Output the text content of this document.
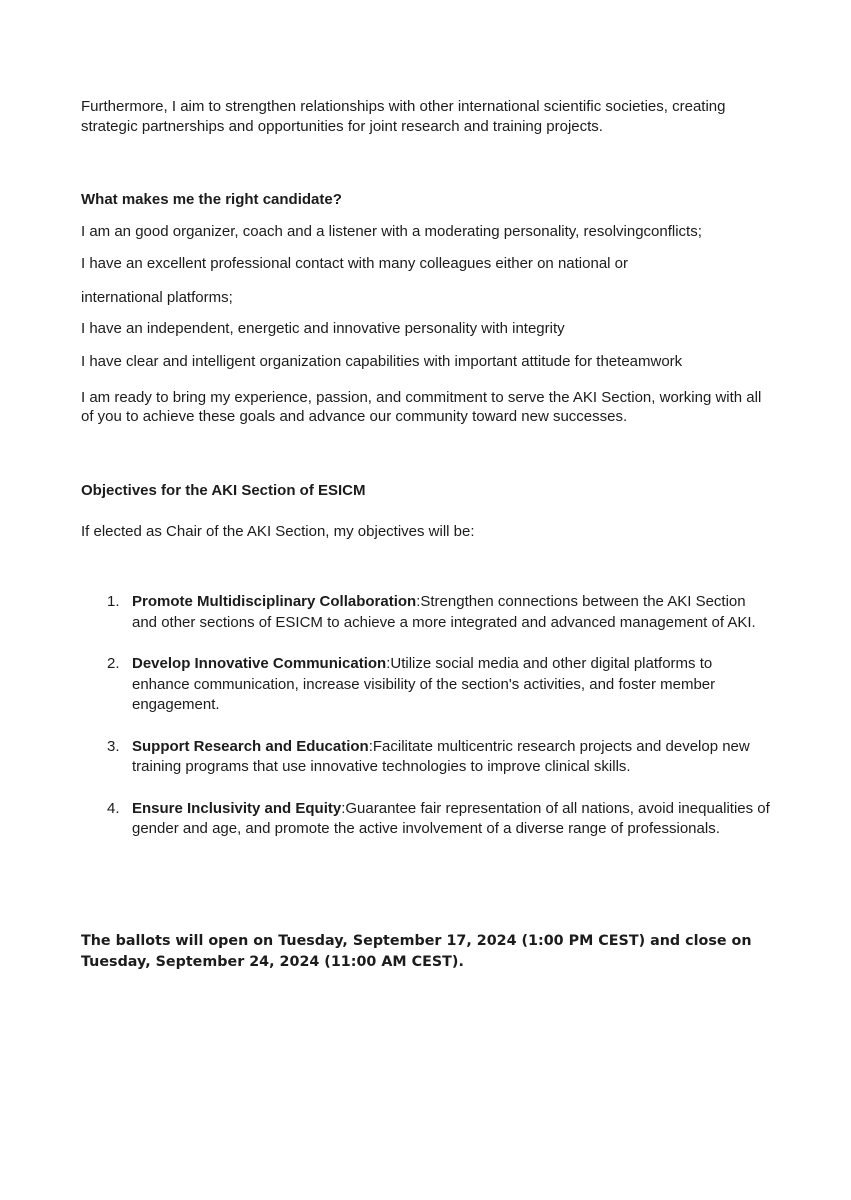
Furthermore, I aim to strengthen relationships with other international scientific societies, creating strategic partnerships and opportunities for joint research and training projects.

What makes me the right candidate?

I am an good organizer, coach and a listener with a moderating personality, resolvingconflicts;

I have an excellent professional contact with many colleagues either on national or

international platforms;

I have an independent, energetic and innovative personality with integrity

I have clear and intelligent organization capabilities with important attitude for theteamwork

I am ready to bring my experience, passion, and commitment to serve the AKI Section, working with all of you to achieve these goals and advance our community toward new successes.

Objectives for the AKI Section of ESICM

If elected as Chair of the AKI Section, my objectives will be:

1. Promote Multidisciplinary Collaboration:Strengthen connections between the AKI Section and other sections of ESICM to achieve a more integrated and advanced management of AKI.
2. Develop Innovative Communication:Utilize social media and other digital platforms to enhance communication, increase visibility of the section's activities, and foster member engagement.
3. Support Research and Education:Facilitate multicentric research projects and develop new training programs that use innovative technologies to improve clinical skills.
4. Ensure Inclusivity and Equity:Guarantee fair representation of all nations, avoid inequalities of gender and age, and promote the active involvement of a diverse range of professionals.

The ballots will open on Tuesday, September 17, 2024 (1:00 PM CEST) and close on Tuesday, September 24, 2024 (11:00 AM CEST).
